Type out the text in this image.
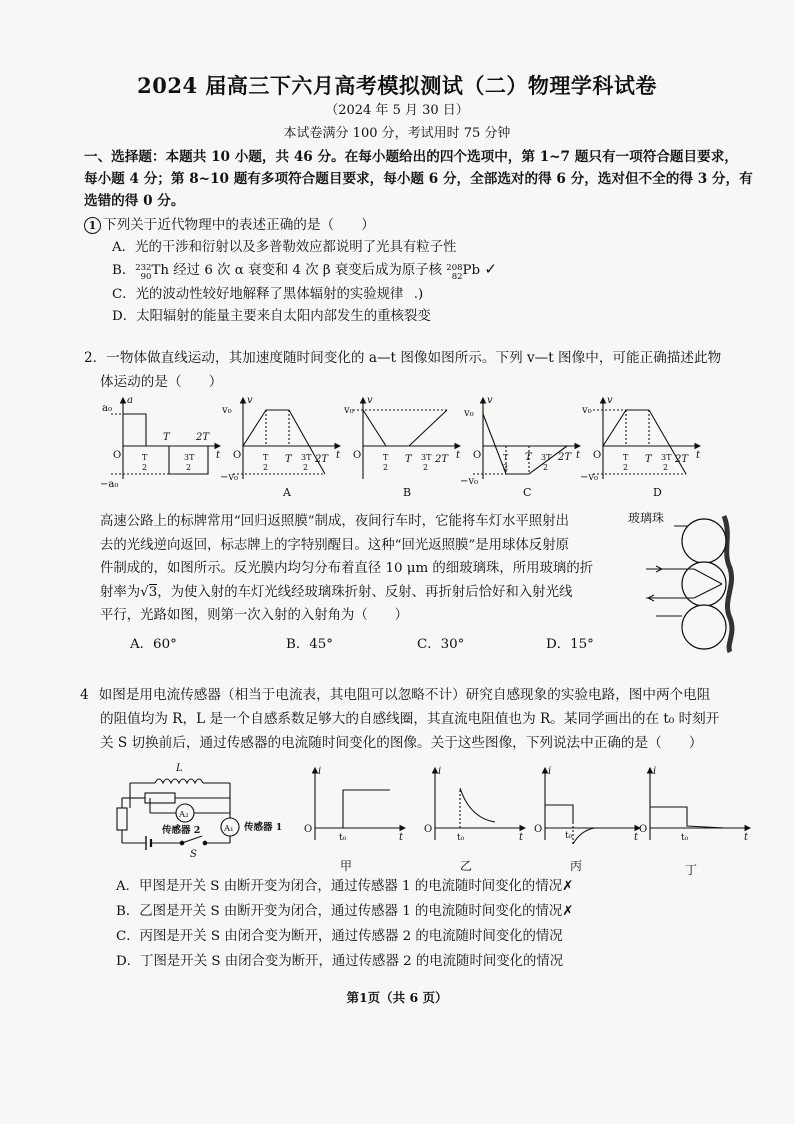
2024 届高三下六月高考模拟测试（二）物理学科试卷
（2024 年 5 月 30 日）
本试卷满分 100 分，考试用时 75 分钟
一、选择题：本题共 10 小题，共 46 分。在每小题给出的四个选项中，第 1~7 题只有一项符合题目要求，
每小题 4 分；第 8~10 题有多项符合题目要求，每小题 6 分，全部选对的得 6 分，选对但不全的得 3 分，有
选错的得 0 分。
1 下列关于近代物理中的表述正确的是（　　）
A．光的干涉和衍射以及多普勒效应都说明了光具有粒子性
B． 232
90 Th 经过 6 次 α 衰变和 4 次 β 衰变后成为原子核 208
82 Pb ✓
C．光的波动性较好地解释了黑体辐射的实验规律 .)
D．太阳辐射的能量主要来自太阳内部发生的重核裂变
2．一物体做直线运动，其加速度随时间变化的 a—t 图像如图所示。下列 v—t 图像中，可能正确描述此物
体运动的是（　　）
a
t
O
a₀
−a₀
T
2
T
3T
2
2T
v
t
O
v₀
−v₀
T
2
T 3T
2
2T
v
t
O
v₀
T
2
T 3T
2
2T
v
t
O
v₀
−v₀
T
2
T 3T
2
2T
v
t
O
v₀
−v₀
T
2
T 3T
2
2T
A	B	C	D
高速公路上的标牌常用“回归返照膜”制成，夜间行车时，它能将车灯水平照射出
去的光线逆向返回，标志牌上的字特别醒目。这种“回光返照膜”是用球体反射原
件制成的，如图所示。反光膜内均匀分布着直径 10 μm 的细玻璃珠，所用玻璃的折
射率为√3，为使入射的车灯光线经玻璃珠折射、反射、再折射后恰好和入射光线
平行，光路如图，则第一次入射的入射角为（　　）
A．60°	B．45°	C．30°	D．15°
玻璃珠
4 如图是用电流传感器（相当于电流表，其电阻可以忽略不计）研究自感现象的实验电路，图中两个电阻
的阻值均为 R，L 是一个自感系数足够大的自感线圈，其直流电阻值也为 R。某同学画出的在 t₀ 时刻开
关 S 切换前后，通过传感器的电流随时间变化的图像。关于这些图像，下列说法中正确的是（　　）
L
A₂
A₁
传感器 2	传感器 1
S
i
t
O
t₀
i
t
O
t₀
i
t
O
t₀
i
t
O
t₀
甲	乙	丙	丁
A．甲图是开关 S 由断开变为闭合，通过传感器 1 的电流随时间变化的情况✗
B．乙图是开关 S 由断开变为闭合，通过传感器 1 的电流随时间变化的情况✗
C．丙图是开关 S 由闭合变为断开，通过传感器 2 的电流随时间变化的情况
D．丁图是开关 S 由闭合变为断开，通过传感器 2 的电流随时间变化的情况
第1页（共 6 页）
